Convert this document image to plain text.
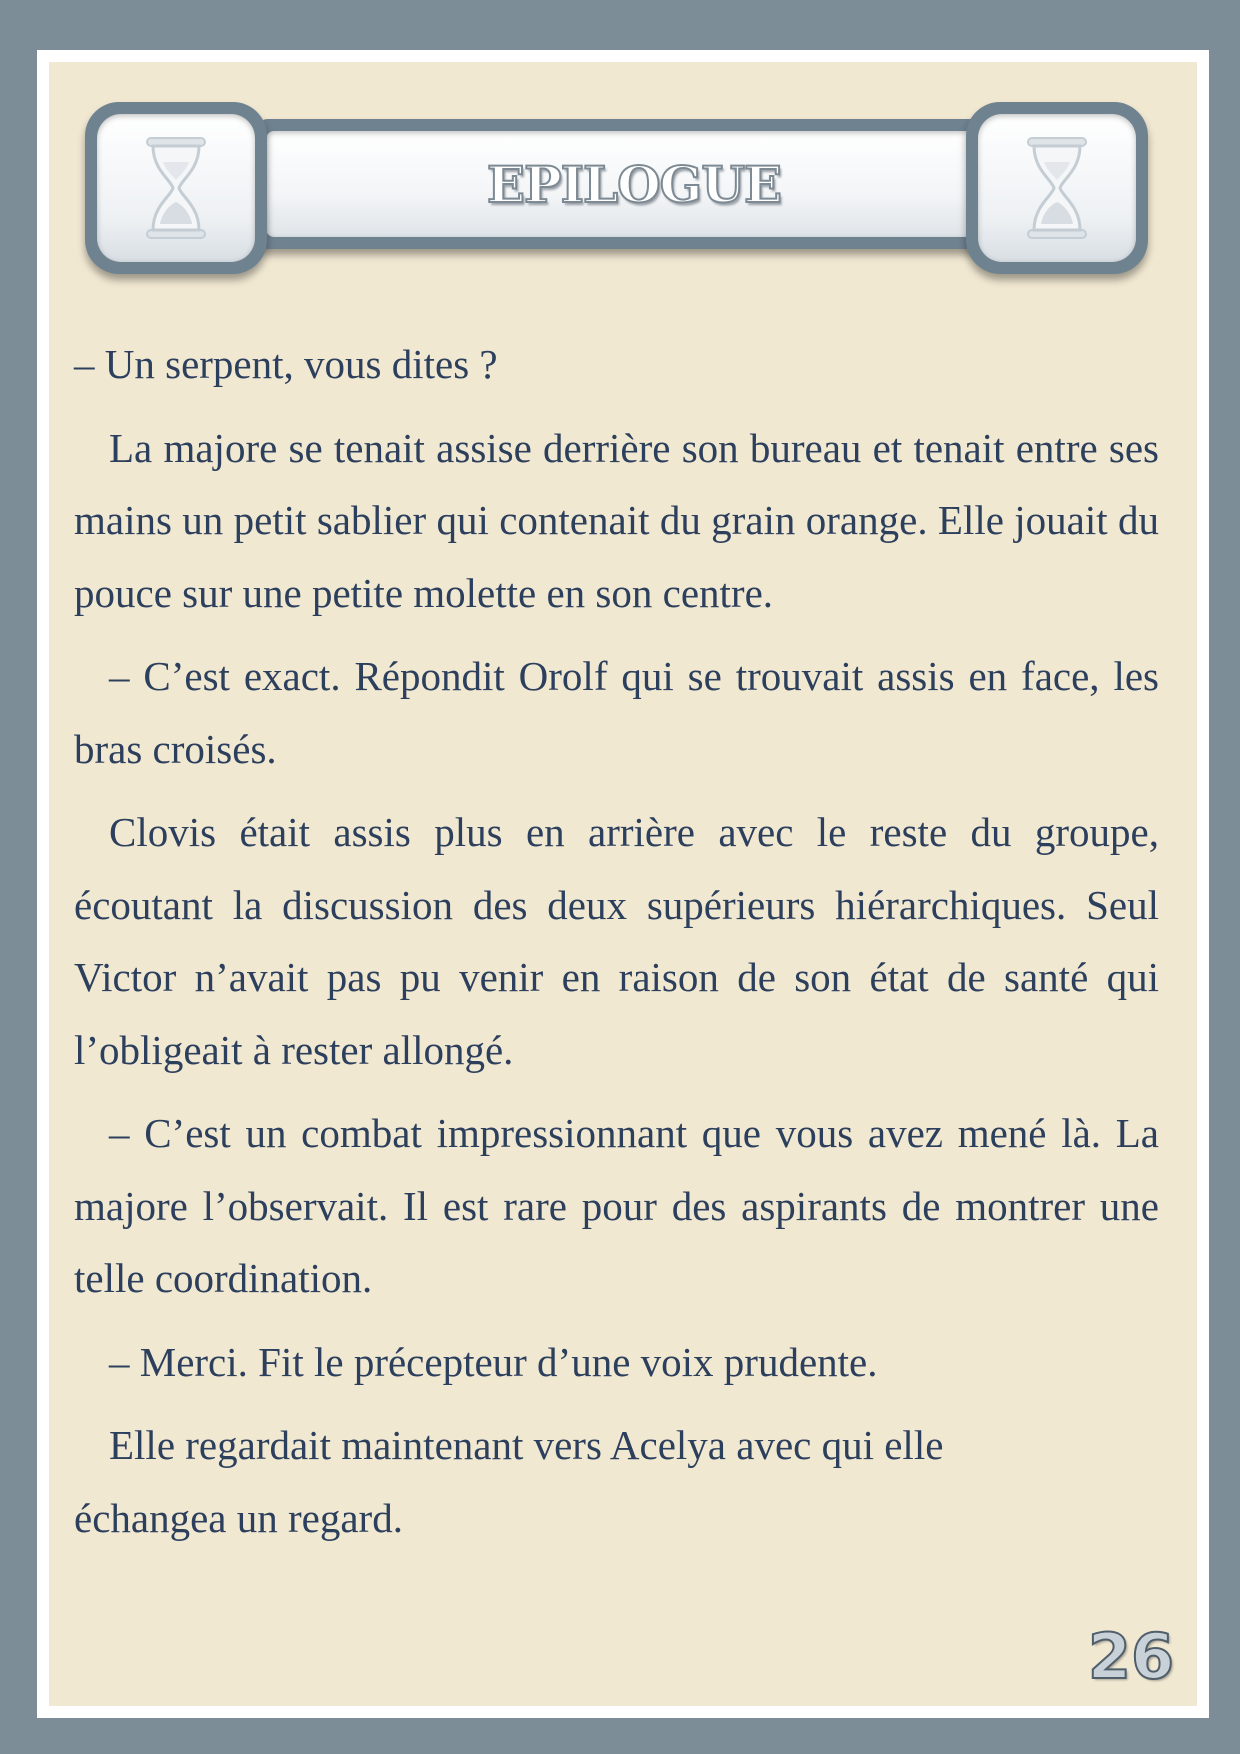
EPILOGUE

– Un serpent, vous dites ?

La majore se tenait assise derrière son bureau et tenait entre ses mains un petit sablier qui contenait du grain orange. Elle jouait du pouce sur une petite molette en son centre.

– C’est exact. Répondit Orolf qui se trouvait assis en face, les bras croisés.

Clovis était assis plus en arrière avec le reste du groupe, écoutant la discussion des deux supérieurs hiérarchiques. Seul Victor n’avait pas pu venir en raison de son état de santé qui l’obligeait à rester allongé.

– C’est un combat impressionnant que vous avez mené là. La majore l’observait. Il est rare pour des aspirants de montrer une telle coordination.

– Merci. Fit le précepteur d’une voix prudente.

Elle regardait maintenant vers Acelya avec qui elle échangea un regard.

26
